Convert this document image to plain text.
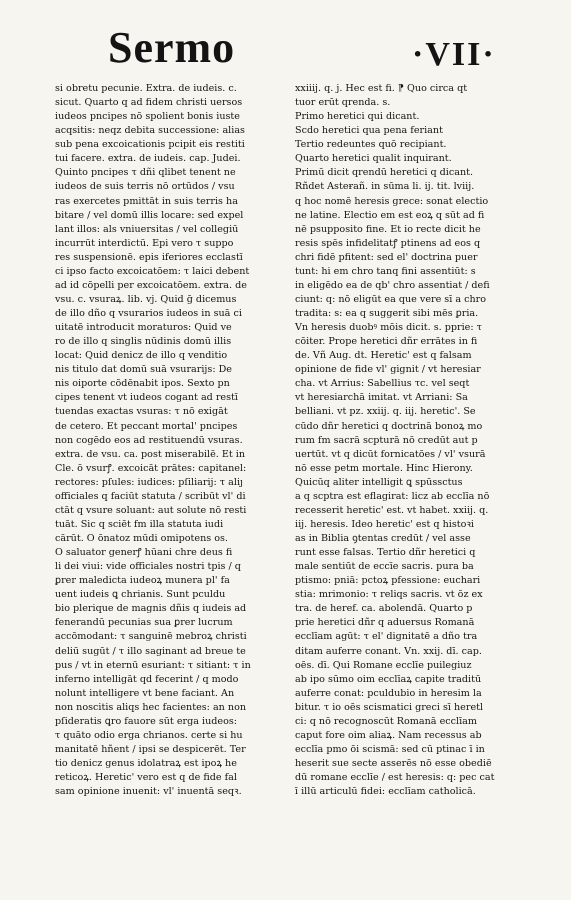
Sermo	·VII·
si obretu pecunie. Extra. de iudeis. c.
sicut. Quarto q ad fidem christi uersos
iudeos pncipes nō spolient bonis iuste
acqsitis: neqz debita successione: alias
sub pena excoicationis pcipit eis restiti
tui facere. extra. de iudeis. cap. Judei.
Quinto pncipes τ dñi qlibet tenent ne
iudeos de suis terris nō ortūdos / vsu
ras exercetes pmittāt in suis terris ha
bitare / vel domū illis locare: sed expel
lant illos: als vniuersitas / vel collegiū
incurrūt interdictū. Epi vero τ suppo
res suspensionē. epis iferiores ecclastī
ci ipso facto excoicatōem: τ laici debent
ad id cōpelli per excoicatōem. extra. de
vsu. c. vsuraꝝ. lib. vj. Quid ḡ dicemus
de illo dño q vsurarios iudeos in suā ci
uitatē introducit moraturos: Quid ve
ro de illo q singlis nūdinis domū illis
locat: Quid denicz de illo q venditio
nis titulo dat domū suā vsurarijs: De
nis oiporte cōdēnabit ipos. Sexto pn
cipes tenent vt iudeos cogant ad restī
tuendas exactas vsuras: τ nō exigāt
de cetero. Et peccant mortal' pncipes
non cogēdo eos ad restituendū vsuras.
extra. de vsu. ca. post miserabilē. Et in
Cle. ō vsurꝭ. excoicāt prātes: capitanel:
rectores: pſules: iudices: pſiliarij: τ aliȷ
officiales q faciūt statuta / scribūt vl' di
ctāt q vsure soluant: aut solute nō resti
tuāt. Sic q sciēt fm illa statuta iudi
cārūt. O ōnatoz mūdi omipotens os.
O saluator generꝭ hūani chre deus fi
li dei viui: vide officiales nostri tpis / q
ꝑrer maledicta iudeoꝝ munera pl' fa
uent iudeis ꝗ chrianis. Sunt pculdu
bio plerique de magnis dñis q iudeis ad
fenerandū pecunias sua ꝑrer lucrum
accōmodant: τ sanguinē mebroꝝ christi
deliū sugūt / τ illo saginant ad breue te
pus / vt in eternū esuriant: τ sitiant: τ in
inferno intelligāt qd fecerint / q modo
nolunt intelligere vt bene faciant. An
non noscitis aliqs hec facientes: an non
pſideratis ꝗro fauore sūt erga iudeos:
τ quāto odio erga chrianos. certe si hu
manitatē hñent / ipsi se despicerēt. Ter
tio denicz genus idolatraꝝ est ipoꝝ he
reticoꝝ. Heretic' vero est q de fide fal
sam opinione inuenit: vl' inuentā seqꝛ.
xxiiij. q. j. Hec est fi. ⁋ Quo circa qt
tuor erūt qrenda. s.
Primo heretici qui dicant.
Scdo heretici qua pena feriant
Tertio redeuntes quō recipiant.
Quarto heretici qualit inquirant.
Primū dicit qrendū heretici q dicant.
Rñdet Asteɍañ. in sūma li. ij. tit. lviij.
q hoc nomē heresis grece: sonat electio
ne latine. Electio em est eoꝝ q sūt ad fi
nē psupposito fine. Et io recte dicit he
resis spēs infidelitatꝭ ptinens ad eos q
chri fidē pfitent: sed el' doctrina puer
tunt: hi em chro tanq fini assentiūt: s
in eligēdo ea de qb' chro assentiat / defi
ciunt: q: nō eligūt ea que vere sī a chro
tradita: s: ea q suggerit sibi mēs ꝑria.
Vn heresis duobꝰ mōis dicit. s. pprie: τ
cōiter. Prope heretici dñr errātes in fi
de. Vñ Aug. dt. Heretic' est q falsam
opinione de fide vl' gignit / vt heresiar
cha. vt Arrius: Sabellius τc. vel seqt
vt heresiarchā imitat. vt Arriani: Sa
belliani. vt pz. xxiij. q. iij. heretic'. Se
cūdo dñr heretici q doctrinā bonoꝝ mo
rum fm sacrā scpturā nō credūt aut p
uertūt. vt q dicūt fornicatōes / vl' vsurā
nō esse petm mortale. Hinc Hierony.
Quicūq aliter intelligit ꝗ spūssctus
a q scptra est eflagirat: licz ab ecclīa nō
recesserit heretic' est. vt habet. xxiij. q.
iij. heresis. Ideo heretic' est q histoꝛi
as in Biblia ꝯtentas credūt / vel asse
runt esse falsas. Tertio dñr heretici q
male sentiūt de eccīe sacris. pura ba
ptismo: pniā: pctoꝝ pfessione: euchari
stia: mrimonio: τ reliqs sacris. vt ōz ex
tra. de heref. ca. abolendā. Quarto p
prie heretici dñr q aduersus Romanā
ecclīam agūt: τ el' dignitatē a dño tra
ditam auferre conant. Vn. xxij. dī. cap.
oēs. dī. Qui Romane ecclīe puilegiuz
ab ipo sūmo oim ecclīaꝝ capite traditū
auferre conat: pculdubio in heresim la
bitur. τ io oēs scismatici greci sī heretl
ci: q nō recognoscūt Romanā ecclīam
caput fore oim aliaꝝ. Nam recessus ab
ecclīa pmo ōi scismā: sed cū ptinac ī in
heserit sue secte asserēs nō esse obediē
dū romane ecclīe / est heresis: q: pec cat
ī illū articulū fidei: ecclīam catholicā.
